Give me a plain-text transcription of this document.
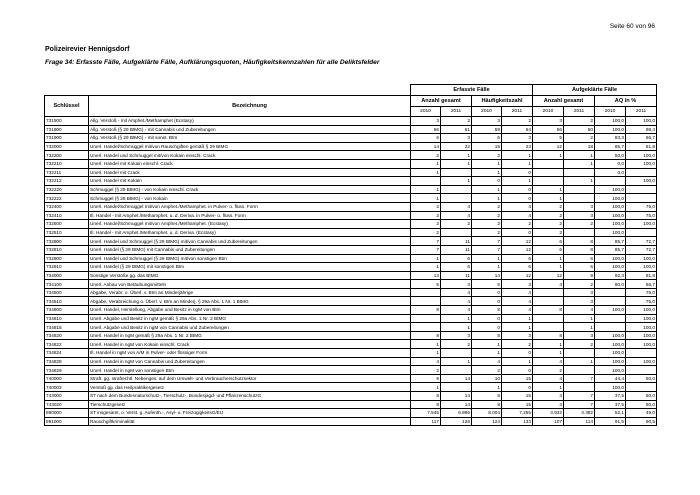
Seite 60 von 96
Polizeirevier Hennigsdorf
Frage 34: Erfasste Fälle, Aufgeklärte Fälle, Aufklärungsquoten, Häufigkeitskennzahlen für alle Deliktsfelder
		Erfasste Fälle				Aufgeklärte Fälle			
Schlüssel	Bezeichnung	Anzahl gesamt		Häufigkeitszahl		Anzahl gesamt		AQ in %	
		2010	2011	2010	2011	2010	2011	2010	2011
731500	Allg. Verstoß - mit Amphet./Methamphet (Ecstasy)	3	2	3	2	3	2	100,0	100,0
731800	Allg. Verstoß (§ 29 BtMG) - mit Cannabis und Zubereitungen	56	61	59	64	56	60	100,0	98,4
731900	Allg. Verstoß (§ 29 BtMG) - mit sonst. Btm	6	3	6	3	5	2	83,3	66,7
732000	Unerl. Handel/Schmuggel mit/von Rauschgiften gemäß § 29 BtMG	14	22	15	23	12	18	85,7	81,8
732200	Unerl. Handel und Schmuggel mit/von Kokain einschl. Crack	2	1	2	1	1	1	50,0	100,0
732210	Unerl. Handel mit Kokain einschl. Crack	1	1	1	1		1	0,0	100,0
732211	Unerl. Handel mit Crack	1		1	0			0,0	
732212	Unerl. Handel mit Kokain		1	0	1		1		100,0
732220	Schmuggel (§ 29 BtMG) - von Kokain einschl. Crack	1		1	0	1		100,0	
732222	Schmuggel (§ 29 BtMG) - von Kokain	1		1	0	1		100,0	
732400	Unerl. Handel/Schmuggel mit/von Amphet./Methamphet. in Pulver- o. flüss. Form	2	4	2	4	2	3	100,0	75,0
732410	Ill. Handel - mit Amphet./Methamphet. u. d. Deriva. in Pulver- o. flüss. Form	2	4	2	4	2	3	100,0	75,0
732500	Unerl. Handel/Schmuggel mit/von Amphet./Methamphet. (Ecstasy)	2	2	2	2	2	2	100,0	100,0
732510	Ill. Handel - mit Amphet./Methamphet. u. d. Deriva. (Ecstasy)	2		2	0	2		100,0	
732800	Unerl. Handel und Schmuggel (§ 29 BtMG) mit/von Cannabis und Zubereitungen	7	11	7	12	6	8	85,7	72,7
732810	Unerl. Handel (§ 29 BtMG) mit Cannabis und Zubereitungen	7	11	7	12	6	8	85,7	72,7
732900	Unerl. Handel und Schmuggel (§ 29 BtMG) mit/von sonstigen Btm	1	6	1	6	1	6	100,0	100,0
732910	Unerl. Handel (§ 29 BtMG) mit sonstigen Btm	1	6	1	6	1	6	100,0	100,0
734000	Sonstige Verstöße gg. das BtMG	13	11	14	12	12	9	92,3	81,8
734100	Unerl. Anbau von Betäubungsmitteln	5	3	5	3	4	2	80,0	66,7
734500	Abgabe, Verabr. o. Überl. v. Btm an Minderjährige		4	0	4		3		75,0
734510	Abgabe, Verabreichung o. Überl. v. Btm an Minderj. § 29a Abs. 1 Nr. 1 BtMG		4	0	4		3		75,0
734800	Unerl. Handel, Herstellung, Abgabe und Besitz in ngM von Btm	8	4	8	4	8	4	100,0	100,0
734810	Unerl. Abgabe und Besitz in ngM gemäß § 29a Abs. 1 Nr. 2 BtMG		1	0	1		1		100,0
734818	Unerl. Abgabe und Besitz in ngM von Cannabis und Zubereitungen		1	0	1		1		100,0
734820	Unerl. Handel in ngM gemäß § 29a Abs. 1 Nr. 2 BtMG	8	3	8	3	8	3	100,0	100,0
734822	Unerl. Handel in ngM von Kokain einschl. Crack	1	2	1	2	1	2	100,0	100,0
734824	Ill. Handel in ngM von A/M in Pulver- oder flüssiger Form	1		1	0	1		100,0	
734828	Unerl. Handel in ngM von Cannabis und Zubereitungen	4	1	4	1	4	1	100,0	100,0
734829	Unerl. Handel in ngM von sonstigen Btm	2		2	0	2		100,0	
740000	Straft. gg. strafrechtl. Nebenges. auf dem Umwelt- und Verbraucherschutzsektor	9	14	10	15	4	7	44,4	50,0
740003	Verstoß gg. das Heilpraktikergesetz	1		1	0	1		100,0	
743000	ST nach dem Bundesnaturschutz-, Tierschutz-, Bundesjagd- und PflanzenschutzG	8	14	8	15	3	7	37,5	50,0
743020	Tierschutzgesetz	8	14	8	15	3	7	37,5	50,0
890000	ST insgesamt, o. Verst. g. Aufenth.-, Asyl- u. FreizügigkeitsG/EU	7.545	6.896	8.004	7.255	3.932	3.382	52,1	49,0
891000	Rauschgiftkriminalität	117	126	124	133	107	114	91,5	90,5
